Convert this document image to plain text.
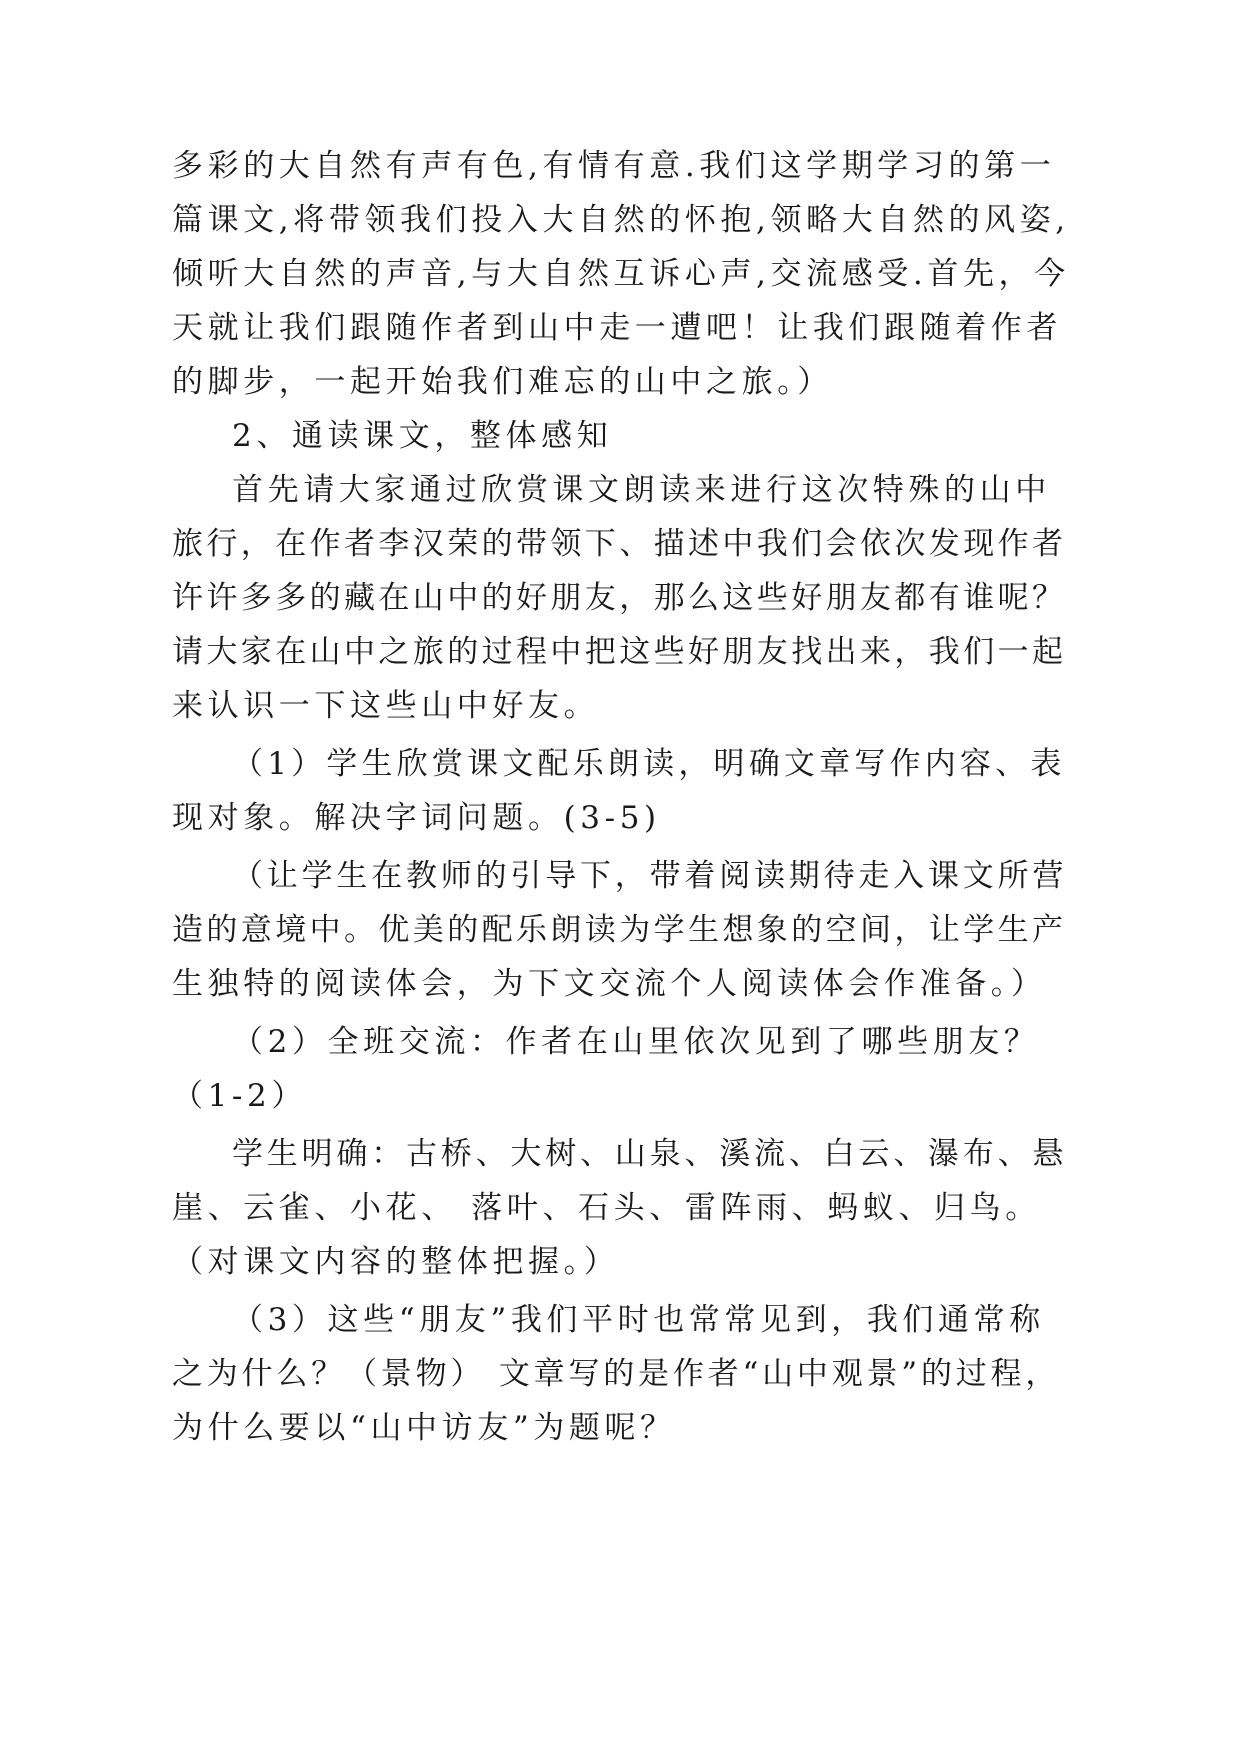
多彩的大自然有声有色,有情有意.我们这学期学习的第一
篇课文,将带领我们投入大自然的怀抱,领略大自然的风姿,
倾听大自然的声音,与大自然互诉心声,交流感受.首先，今
天就让我们跟随作者到山中走一遭吧！让我们跟随着作者
的脚步，一起开始我们难忘的山中之旅。）
2、通读课文，整体感知
首先请大家通过欣赏课文朗读来进行这次特殊的山中
旅行，在作者李汉荣的带领下、描述中我们会依次发现作者
许许多多的藏在山中的好朋友，那么这些好朋友都有谁呢？
请大家在山中之旅的过程中把这些好朋友找出来，我们一起
来认识一下这些山中好友。
（1）学生欣赏课文配乐朗读，明确文章写作内容、表
现对象。解决字词问题。(3-5)
（让学生在教师的引导下，带着阅读期待走入课文所营
造的意境中。优美的配乐朗读为学生想象的空间，让学生产
生独特的阅读体会，为下文交流个人阅读体会作准备。）
（2）全班交流：作者在山里依次见到了哪些朋友？
（1-2）
学生明确：古桥、大树、山泉、溪流、白云、瀑布、悬
崖、云雀、小花、 落叶、石头、雷阵雨、蚂蚁、归鸟。
（对课文内容的整体把握。）
（3）这些“朋友”我们平时也常常见到，我们通常称
之为什么？（景物） 文章写的是作者“山中观景”的过程，
为什么要以“山中访友”为题呢？
